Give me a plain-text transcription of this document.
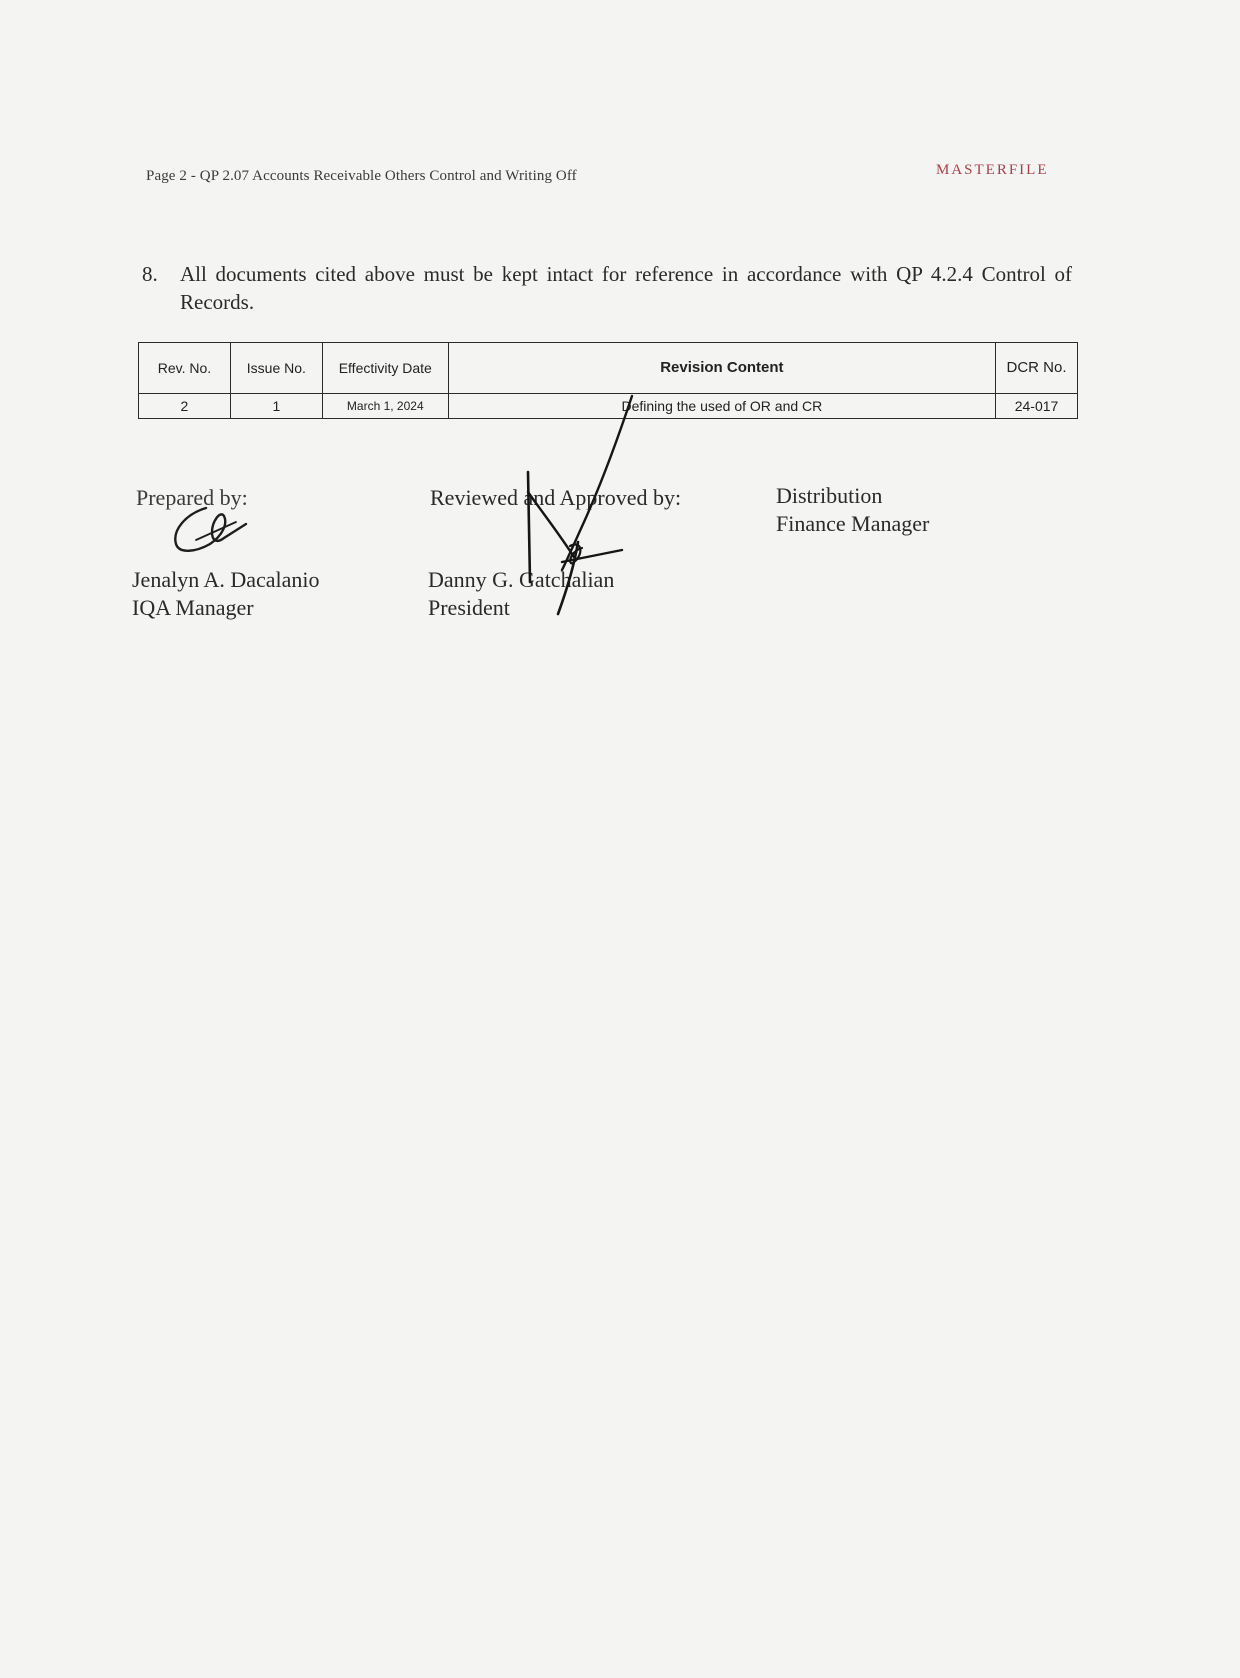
Page 2 - QP 2.07 Accounts Receivable Others Control and Writing Off	MASTERFILE
8. All documents cited above must be kept intact for reference in accordance with QP 4.2.4 Control of Records.
Rev. No.	Issue No.	Effectivity Date	Revision Content	DCR No.
2	1	March 1, 2024	Defining the used of OR and CR	24-017
Prepared by:
Jenalyn A. Dacalanio
IQA Manager
Reviewed and Approved by:
Danny G. Gatchalian
President
Distribution
Finance Manager
